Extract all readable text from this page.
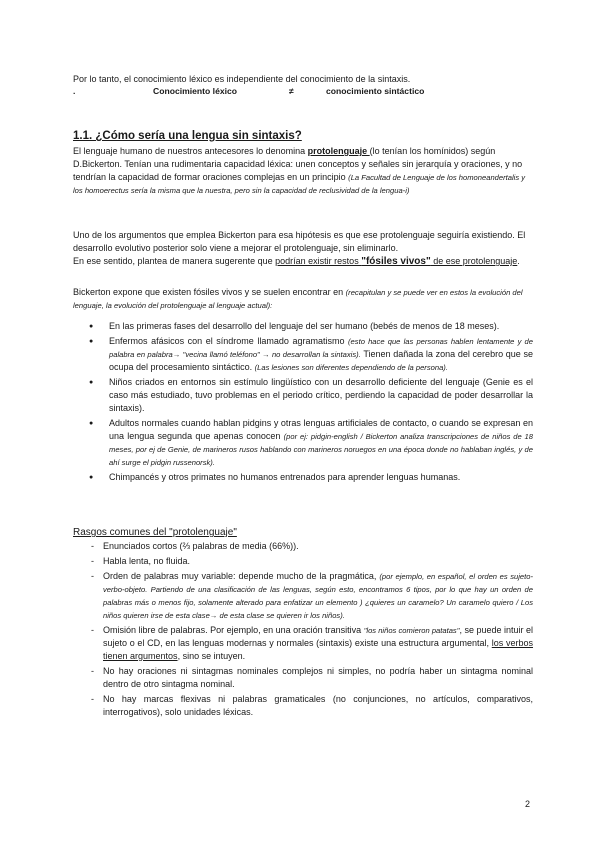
Por lo tanto, el conocimiento léxico es independiente del conocimiento de la sintaxis.

.	Conocimiento léxico	≠	conocimiento sintáctico
1.1. ¿Cómo sería una lengua sin sintaxis?

El lenguaje humano de nuestros antecesores lo denomina protolenguaje (lo tenían los homínidos) según D.Bickerton. Tenían una rudimentaria capacidad léxica: unen conceptos y señales sin jerarquía y oraciones, y no tendrían la capacidad de formar oraciones complejas en un principio (La Facultad de Lenguaje de los homoneandertalis y los homoerectus sería la misma que la nuestra, pero sin la capacidad de reclusividad de la lengua-i)

Uno de los argumentos que emplea Bickerton para esa hipótesis es que ese protolenguaje seguiría existiendo. El desarrollo evolutivo posterior solo viene a mejorar el protolenguaje, sin eliminarlo.
En ese sentido, plantea de manera sugerente que podrían existir restos "fósiles vivos" de ese protolenguaje.

Bickerton expone que existen fósiles vivos y se suelen encontrar en (recapitulan y se puede ver en estos la evolución del lenguaje, la evolución del protolenguaje al lenguaje actual):

● En las primeras fases del desarrollo del lenguaje del ser humano (bebés de menos de 18 meses).
● Enfermos afásicos con el síndrome llamado agramatismo (esto hace que las personas hablen lentamente y de palabra en palabra→ "vecina llamó teléfono" → no desarrollan la sintaxis). Tienen dañada la zona del cerebro que se ocupa del procesamiento sintáctico. (Las lesiones son diferentes dependiendo de la persona).
● Niños criados en entornos sin estímulo lingüístico con un desarrollo deficiente del lenguaje (Genie es el caso más estudiado, tuvo problemas en el periodo crítico, perdiendo la capacidad de poder desarrollar la sintaxis).
● Adultos normales cuando hablan pidgins y otras lenguas artificiales de contacto, o cuando se expresan en una lengua segunda que apenas conocen (por ej: pidgin-english / Bickerton analiza transcripciones de niños de 18 meses, por ej de Genie, de marineros rusos hablando con marineros noruegos en una época donde no hablaban inglés, y de ahí surge el pidgin russenorsk).
● Chimpancés y otros primates no humanos entrenados para aprender lenguas humanas.

Rasgos comunes del "protolenguaje"

- Enunciados cortos (⅔ palabras de media (66%)).
- Habla lenta, no fluida.
- Orden de palabras muy variable: depende mucho de la pragmática, (por ejemplo, en español, el orden es sujeto-verbo-objeto. Partiendo de una clasificación de las lenguas, según esto, encontramos 6 tipos, por lo que hay un orden de palabras más o menos fijo, solamente alterado para enfatizar un elemento ) ¿quieres un caramelo? Un caramelo quiero / Los niños quieren irse de esta clase→ de esta clase se quieren ir los niños).
- Omisión libre de palabras. Por ejemplo, en una oración transitiva "los niños comieron patatas", se puede intuir el sujeto o el CD, en las lenguas modernas y normales (sintaxis) existe una estructura argumental, los verbos tienen argumentos, sino se intuyen.
- No hay oraciones ni sintagmas nominales complejos ni simples, no podría haber un sintagma nominal dentro de otro sintagma nominal.
- No hay marcas flexivas ni palabras gramaticales (no conjunciones, no artículos, comparativos, interrogativos), solo unidades léxicas.
2
